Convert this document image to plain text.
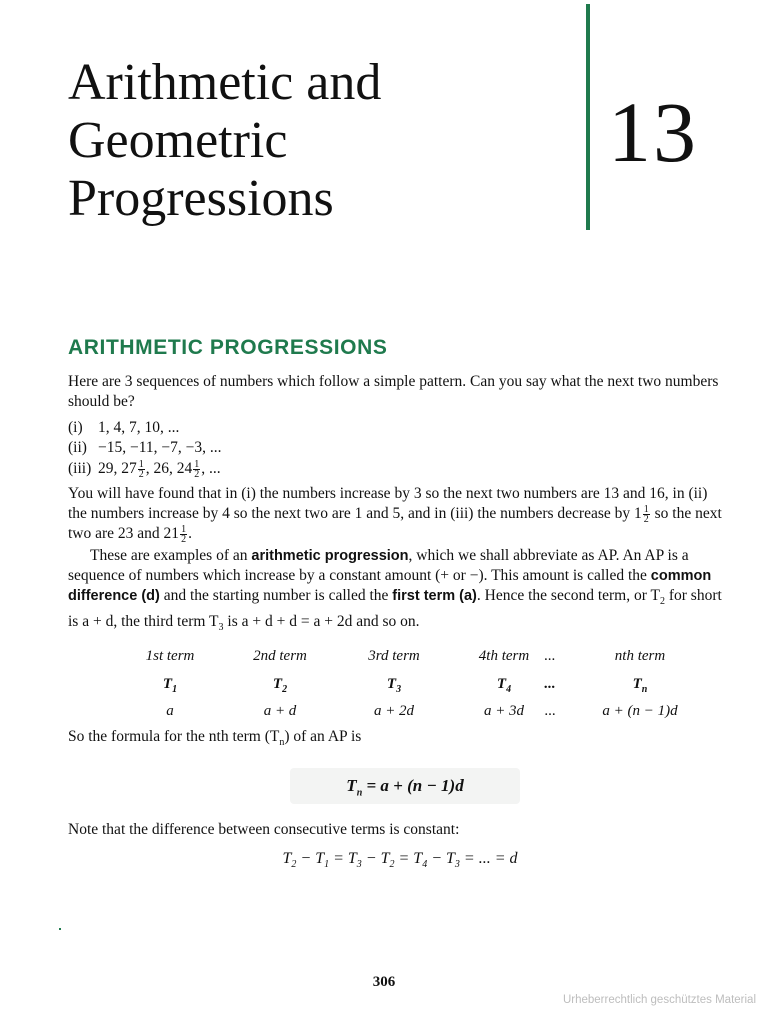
Arithmetic and
Geometric
Progressions
13
ARITHMETIC PROGRESSIONS

Here are 3 sequences of numbers which follow a simple pattern. Can you say what the next two numbers should be?

(i) 1, 4, 7, 10, ...
(ii) −15, −11, −7, −3, ...
(iii) 29, $27 \frac{1}{2}$ , 26, $24 \frac{1}{2}$ , ...

You will have found that in (i) the numbers increase by 3 so the next two numbers are 13 and 16, in (ii) the numbers increase by 4 so the next two are 1 and 5, and in (iii) the numbers decrease by $1 \frac{1}{2}$ so the next two are 23 and $21 \frac{1}{2}$ .

These are examples of an arithmetic progression, which we shall abbreviate as AP. An AP is a sequence of numbers which increase by a constant amount (+ or −). This amount is called the common difference (d) and the starting number is called the first term (a). Hence the second term, or $T_2$ for short is a + d, the third term $T_3$ is a + d + d = a + 2d and so on.

1st term	2nd term	3rd term	4th term	...	nth term
$T_1$	$T_2$	$T_3$	$T_4$	...	$T_n$
a	a + d	a + 2d	a + 3d	...	a + (n − 1)d

So the formula for the nth term $(T_n)$ of an AP is

$T_n = a + (n - 1)d$

Note that the difference between consecutive terms is constant:

$T_2 - T_1 = T_3 - T_2 = T_4 - T_3$ = ... = d
306
Urheberrechtlich geschütztes Material
